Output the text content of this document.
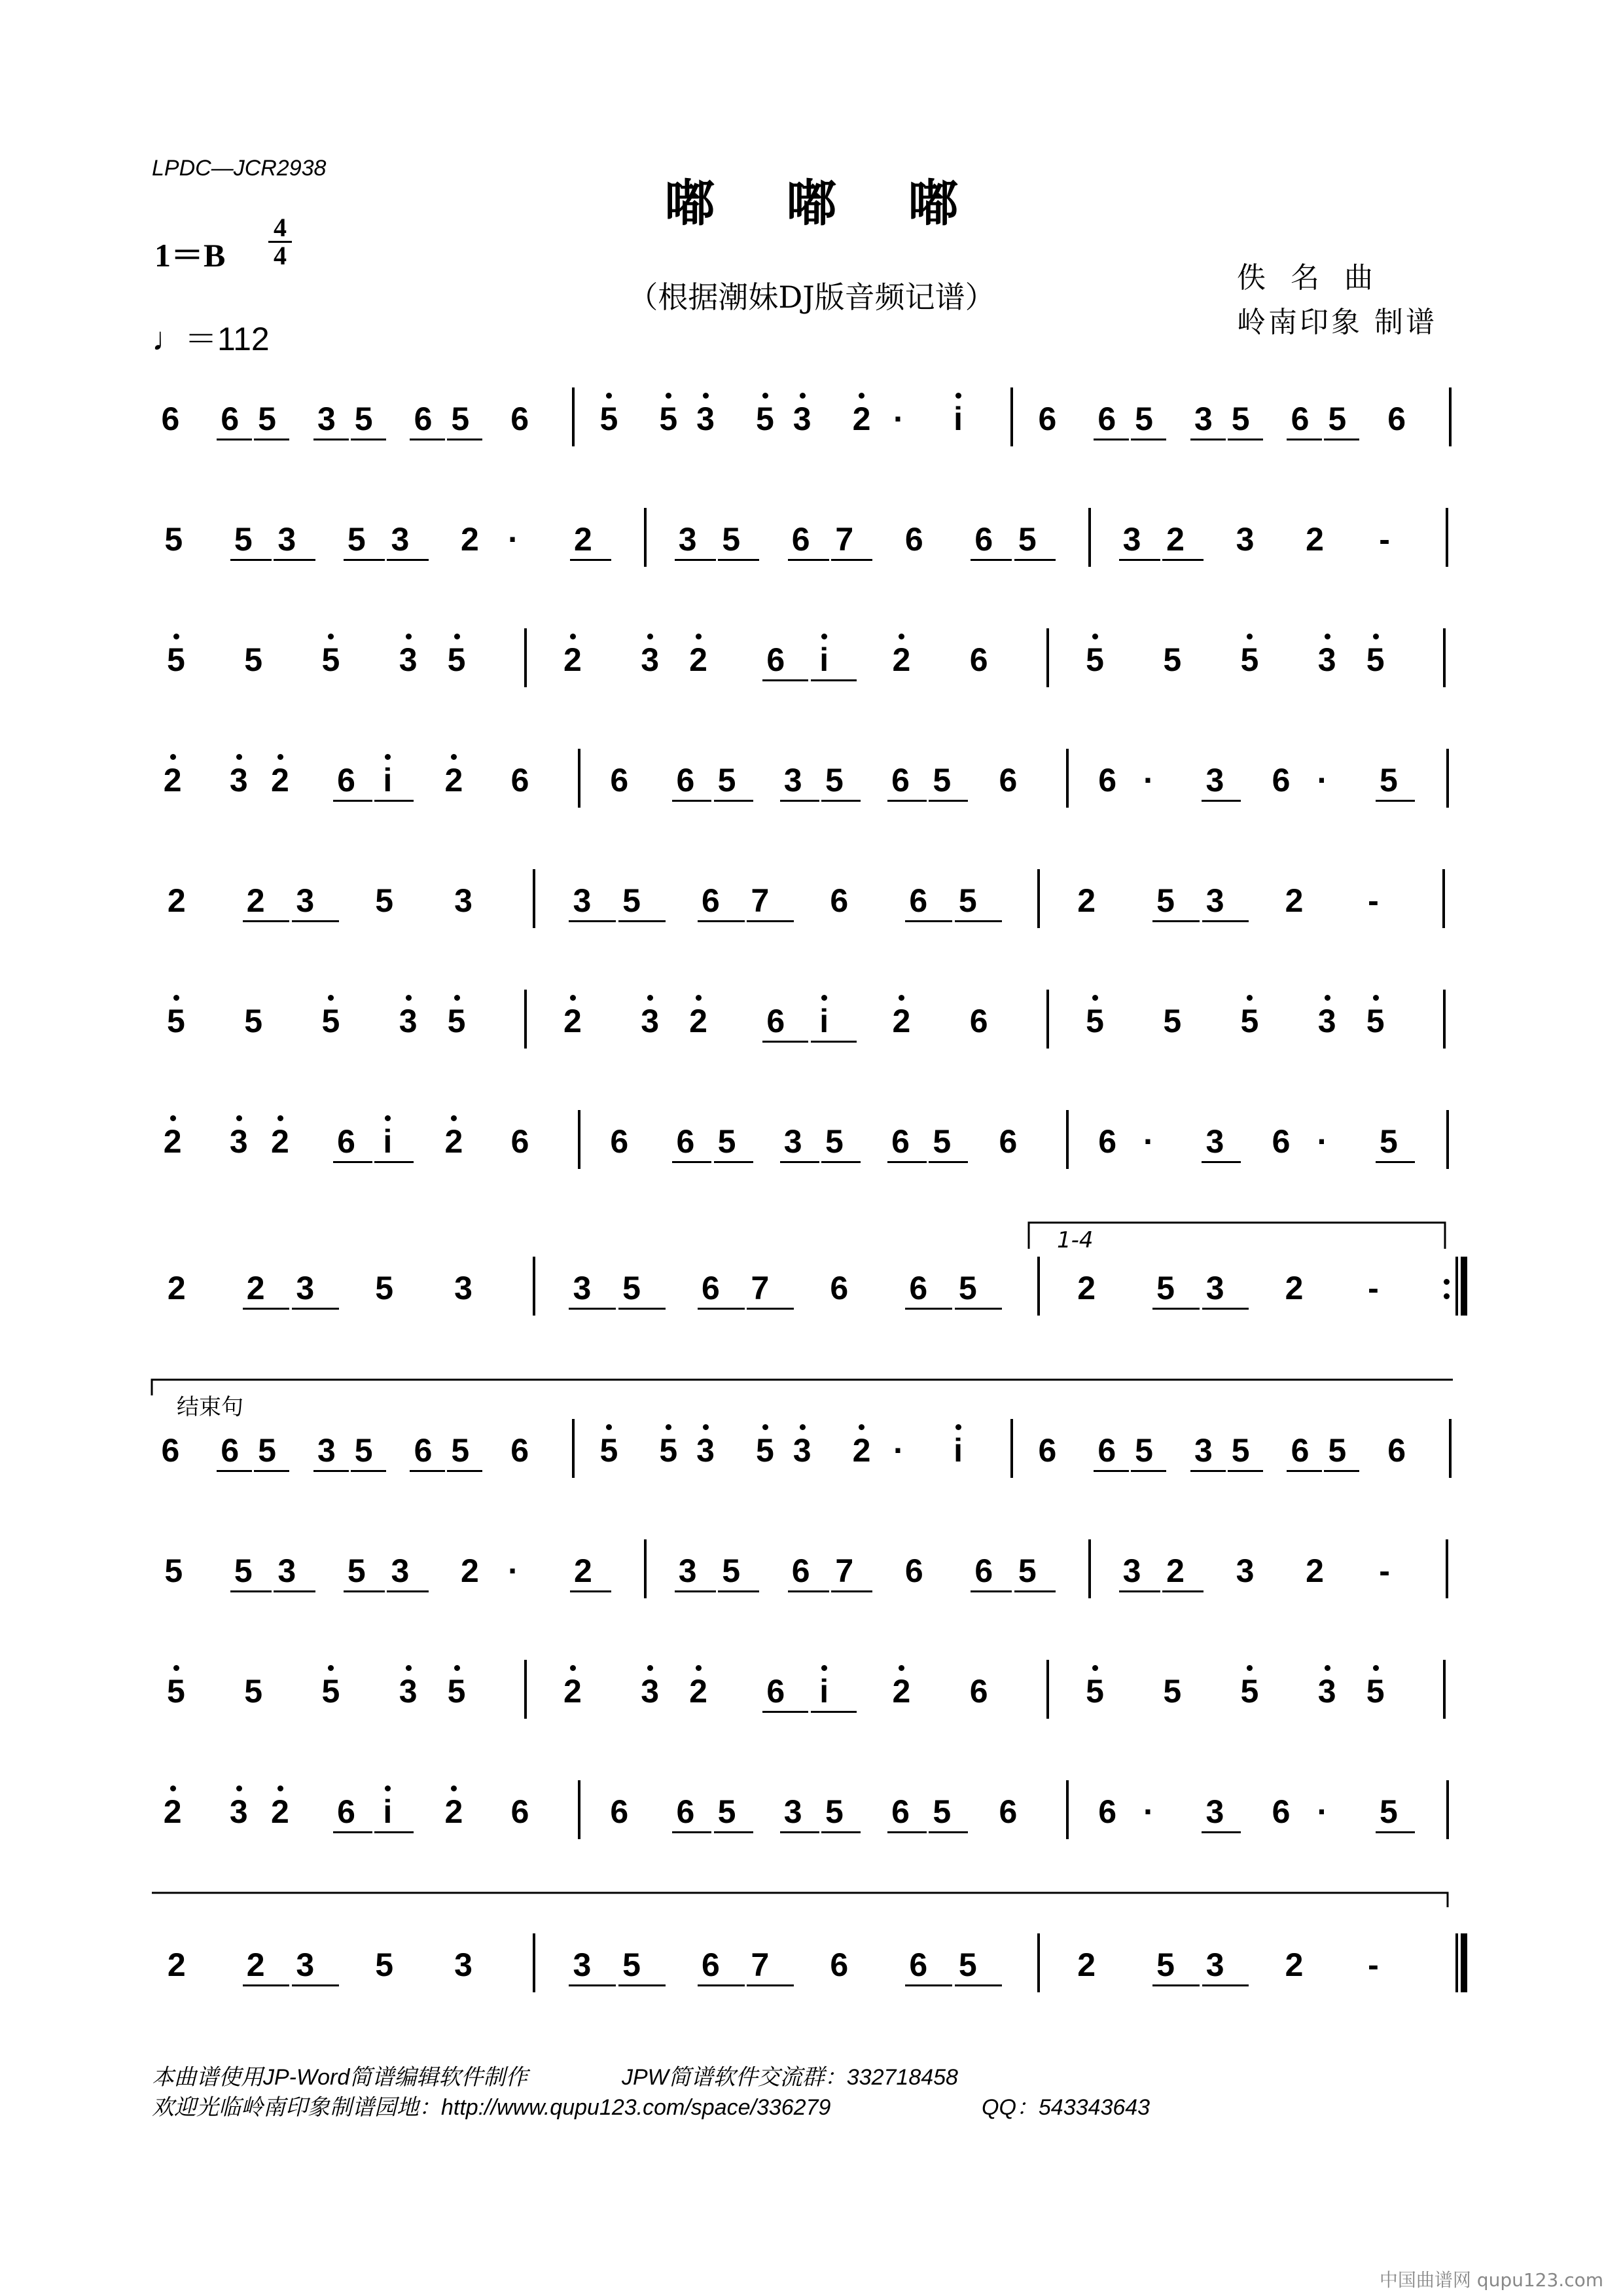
LPDC—JCR2938
嘟嘟嘟
1＝B
4
4
（根据潮妹DJ版音频记谱）
♩＝112
佚名曲
岭南印象 制谱
6 6 5 3 5 6 5 6 5 5 3 5 3 2 · i 6 6 5 3 5 6 5 6
5 5 3 5 3 2 · 2	3 5 6 7 6 6 5	3 2 3 2 -
5 5 5 3 5	2 3 2 6 i 2 6	5 5 5 3 5
2 3 2 6 i 2 6 6 6 5 3 5 6 5 6 6 · 3 6 · 5
2 2 3 5 3	3 5 6 7 6 6 5	2 5 3 2 -
5 5 5 3 5	2 3 2 6 i 2 6	5 5 5 3 5
2 3 2 6 i 2 6 6 6 5 3 5 6 5 6 6 · 3 6 · 5
2 2 3 5 3	3 5 6 7 6 6 5	2 5 3 2 -
6 6 5 3 5 6 5 6 5 5 3 5 3 2 · i 6 6 5 3 5 6 5 6
5 5 3 5 3 2 · 2	3 5 6 7 6 6 5	3 2 3 2 -
5 5 5 3 5	2 3 2 6 i 2 6	5 5 5 3 5
2 3 2 6 i 2 6 6 6 5 3 5 6 5 6 6 · 3 6 · 5
2 2 3 5 3	3 5 6 7 6 6 5	2 5 3 2 -
1-4
结束句
本曲谱使用JP-Word简谱编辑软件制作	JPW简谱软件交流群：332718458
欢迎光临岭南印象制谱园地：http://www.qupu123.com/space/336279	QQ：543343643
中国曲谱网 qupu123.com
